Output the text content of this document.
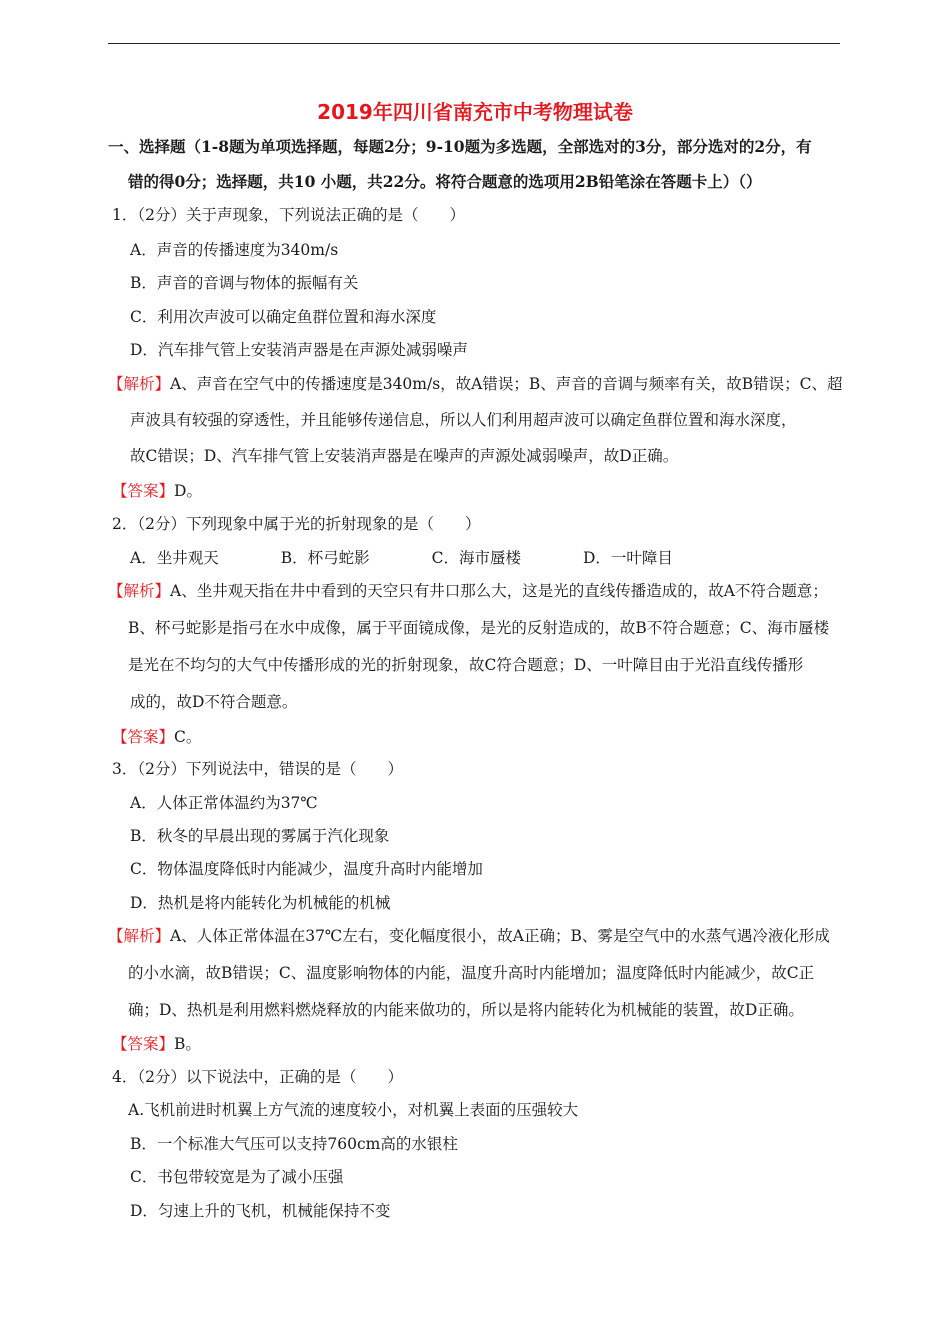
2019年四川省南充市中考物理试卷
一、选择题（1-8题为单项选择题，每题2分；9-10题为多选题，全部选对的3分，部分选对的2分，有
错的得0分；选择题，共10 小题，共22分。将符合题意的选项用2B铅笔涂在答题卡上）（）
1．（2分）关于声现象，下列说法正确的是（　　）
A．声音的传播速度为340m/s
B．声音的音调与物体的振幅有关
C．利用次声波可以确定鱼群位置和海水深度
D．汽车排气管上安装消声器是在声源处减弱噪声
【解析】A、声音在空气中的传播速度是340m/s，故A错误；B、声音的音调与频率有关，故B错误；C、超
声波具有较强的穿透性，并且能够传递信息，所以人们利用超声波可以确定鱼群位置和海水深度，
故C错误；D、汽车排气管上安装消声器是在噪声的声源处减弱噪声，故D正确。
【答案】D。
2．（2分）下列现象中属于光的折射现象的是（　　）
A．坐井观天	B．杯弓蛇影	C．海市蜃楼	D．一叶障目
【解析】A、坐井观天指在井中看到的天空只有井口那么大，这是光的直线传播造成的，故A不符合题意；
B、杯弓蛇影是指弓在水中成像，属于平面镜成像，是光的反射造成的，故B不符合题意；C、海市蜃楼
是光在不均匀的大气中传播形成的光的折射现象，故C符合题意；D、一叶障目由于光沿直线传播形
成的，故D不符合题意。
【答案】C。
3．（2分）下列说法中，错误的是（　　）
A．人体正常体温约为37℃
B．秋冬的早晨出现的雾属于汽化现象
C．物体温度降低时内能减少，温度升高时内能增加
D．热机是将内能转化为机械能的机械
【解析】A、人体正常体温在37℃左右，变化幅度很小，故A正确；B、雾是空气中的水蒸气遇冷液化形成
的小水滴，故B错误；C、温度影响物体的内能，温度升高时内能增加；温度降低时内能减少，故C正
确；D、热机是利用燃料燃烧释放的内能来做功的，所以是将内能转化为机械能的装置，故D正确。
【答案】B。
4．（2分）以下说法中，正确的是（　　）
A.飞机前进时机翼上方气流的速度较小，对机翼上表面的压强较大
B．一个标准大气压可以支持760cm高的水银柱
C．书包带较宽是为了减小压强
D．匀速上升的飞机，机械能保持不变
